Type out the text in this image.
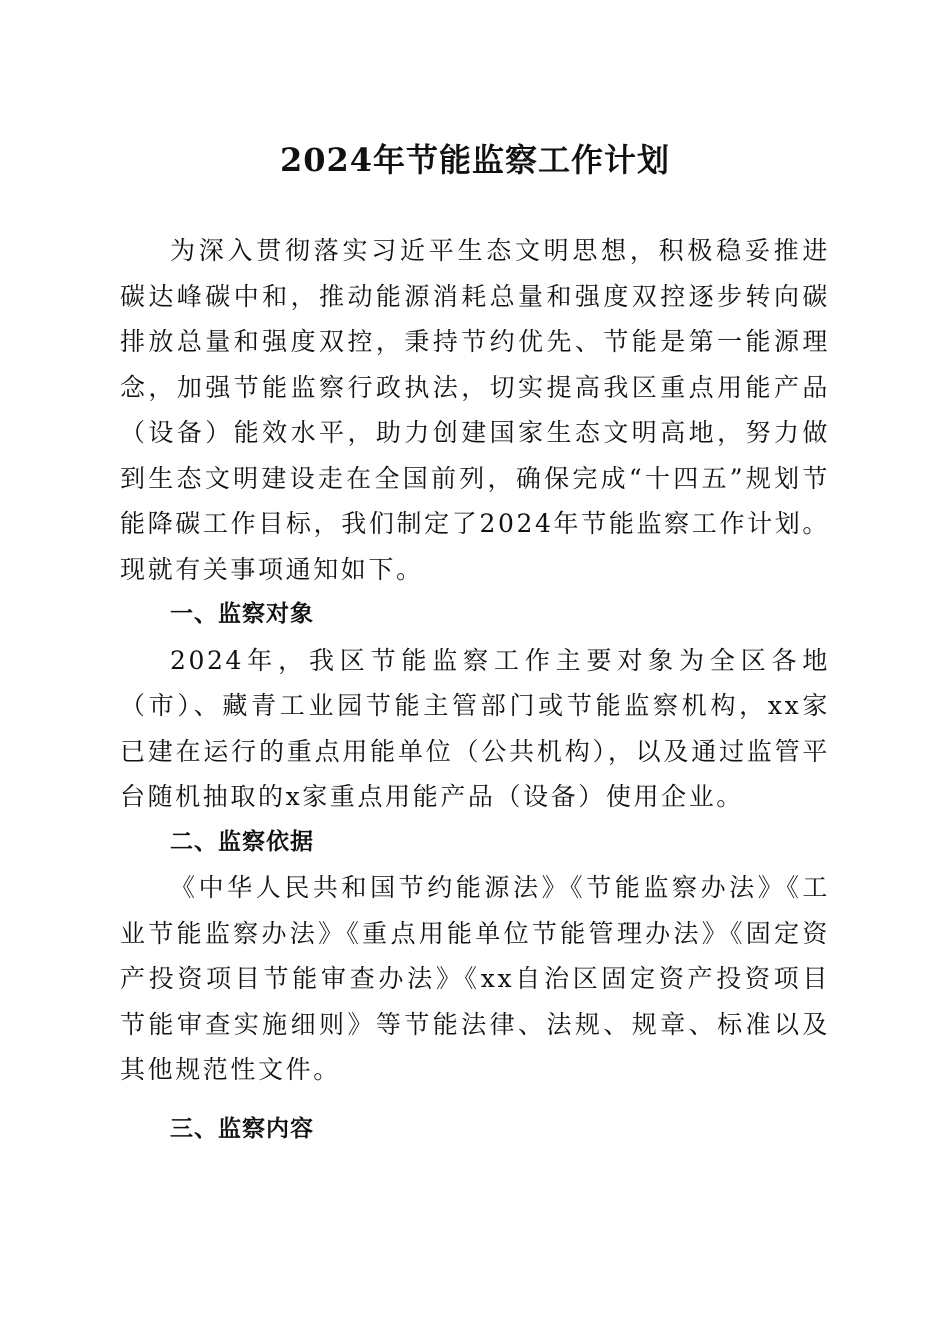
2024年节能监察工作计划

为深入贯彻落实习近平生态文明思想，积极稳妥推进碳达峰碳中和，推动能源消耗总量和强度双控逐步转向碳排放总量和强度双控，秉持节约优先、节能是第一能源理念，加强节能监察行政执法，切实提高我区重点用能产品（设备）能效水平，助力创建国家生态文明高地，努力做到生态文明建设走在全国前列，确保完成“十四五”规划节能降碳工作目标，我们制定了2024年节能监察工作计划。现就有关事项通知如下。

一、监察对象

2024年，我区节能监察工作主要对象为全区各地（市）、藏青工业园节能主管部门或节能监察机构，xx家已建在运行的重点用能单位（公共机构），以及通过监管平台随机抽取的x家重点用能产品（设备）使用企业。

二、监察依据

《中华人民共和国节约能源法》《节能监察办法》《工业节能监察办法》《重点用能单位节能管理办法》《固定资产投资项目节能审查办法》《xx自治区固定资产投资项目节能审查实施细则》等节能法律、法规、规章、标准以及其他规范性文件。

三、监察内容
